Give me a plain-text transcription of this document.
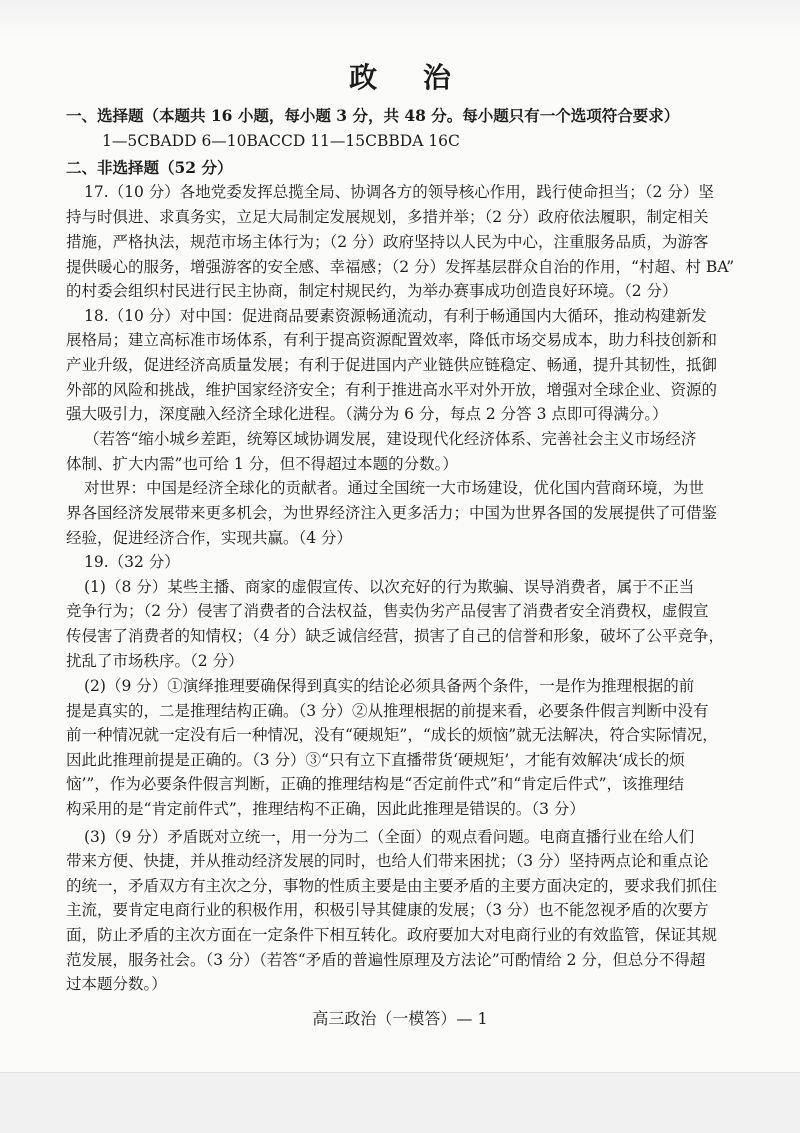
政 治
一、选择题（本题共 16 小题，每小题 3 分，共 48 分。每小题只有一个选项符合要求）
1—5CBADD 6—10BACCD 11—15CBBDA 16C
二、非选择题（52 分）
17.（10 分）各地党委发挥总揽全局、协调各方的领导核心作用，践行使命担当；（2 分）坚
持与时俱进、求真务实，立足大局制定发展规划，多措并举；（2 分）政府依法履职，制定相关
措施，严格执法，规范市场主体行为；（2 分）政府坚持以人民为中心，注重服务品质，为游客
提供暖心的服务，增强游客的安全感、幸福感；（2 分）发挥基层群众自治的作用，“村超、村 BA”
的村委会组织村民进行民主协商，制定村规民约，为举办赛事成功创造良好环境。（2 分）
18.（10 分）对中国：促进商品要素资源畅通流动，有利于畅通国内大循环，推动构建新发
展格局；建立高标准市场体系，有利于提高资源配置效率，降低市场交易成本，助力科技创新和
产业升级，促进经济高质量发展；有利于促进国内产业链供应链稳定、畅通，提升其韧性，抵御
外部的风险和挑战，维护国家经济安全；有利于推进高水平对外开放，增强对全球企业、资源的
强大吸引力，深度融入经济全球化进程。（满分为 6 分，每点 2 分答 3 点即可得满分。）
（若答“缩小城乡差距，统筹区域协调发展，建设现代化经济体系、完善社会主义市场经济
体制、扩大内需”也可给 1 分，但不得超过本题的分数。）
对世界：中国是经济全球化的贡献者。通过全国统一大市场建设，优化国内营商环境，为世
界各国经济发展带来更多机会，为世界经济注入更多活力；中国为世界各国的发展提供了可借鉴
经验，促进经济合作，实现共赢。（4 分）
19.（32 分）
(1)（8 分）某些主播、商家的虚假宣传、以次充好的行为欺骗、误导消费者，属于不正当
竞争行为；（2 分）侵害了消费者的合法权益，售卖伪劣产品侵害了消费者安全消费权，虚假宣
传侵害了消费者的知情权；（4 分）缺乏诚信经营，损害了自己的信誉和形象，破坏了公平竞争，
扰乱了市场秩序。（2 分）
(2)（9 分）①演绎推理要确保得到真实的结论必须具备两个条件，一是作为推理根据的前
提是真实的，二是推理结构正确。（3 分）②从推理根据的前提来看，必要条件假言判断中没有
前一种情况就一定没有后一种情况，没有“硬规矩”，“成长的烦恼”就无法解决，符合实际情况，
因此此推理前提是正确的。（3 分）③“只有立下直播带货‘硬规矩’，才能有效解决‘成长的烦
恼’”，作为必要条件假言判断，正确的推理结构是“否定前件式”和“肯定后件式”，该推理结
构采用的是“肯定前件式”，推理结构不正确，因此此推理是错误的。（3 分）
(3)（9 分）矛盾既对立统一，用一分为二（全面）的观点看问题。电商直播行业在给人们
带来方便、快捷，并从推动经济发展的同时，也给人们带来困扰；（3 分）坚持两点论和重点论
的统一，矛盾双方有主次之分，事物的性质主要是由主要矛盾的主要方面决定的，要求我们抓住
主流，要肯定电商行业的积极作用，积极引导其健康的发展；（3 分）也不能忽视矛盾的次要方
面，防止矛盾的主次方面在一定条件下相互转化。政府要加大对电商行业的有效监管，保证其规
范发展，服务社会。（3 分）（若答“矛盾的普遍性原理及方法论”可酌情给 2 分，但总分不得超
过本题分数。）
高三政治（一模答）— 1
